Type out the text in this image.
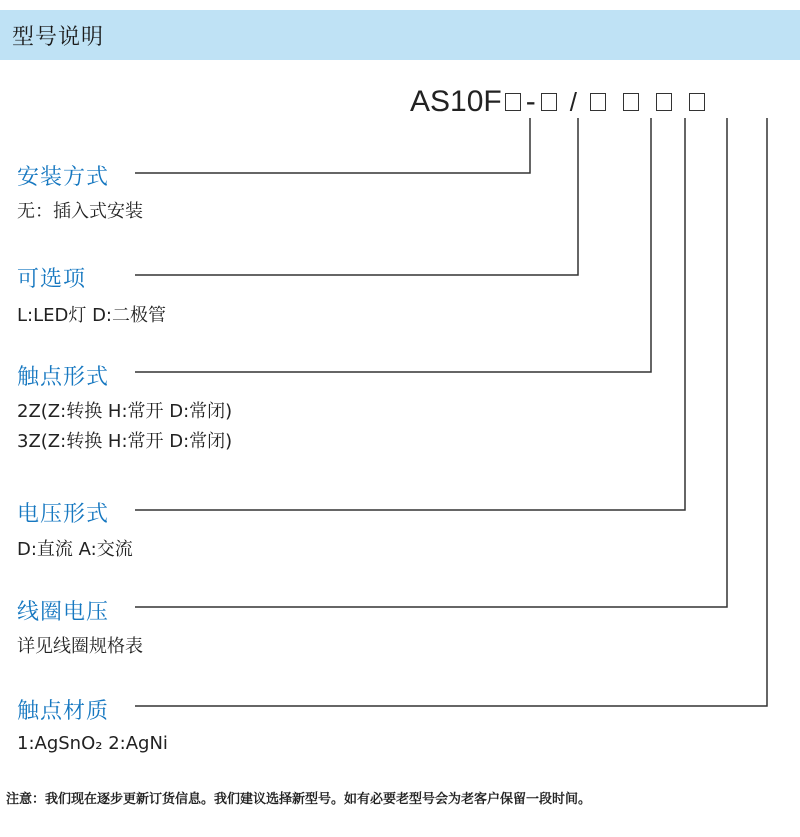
型号说明
AS10F - /
安装方式
无：插入式安装
可选项
L:LED灯 D:二极管
触点形式
2Z(Z:转换 H:常开 D:常闭)
3Z(Z:转换 H:常开 D:常闭)
电压形式
D:直流 A:交流
线圈电压
详见线圈规格表
触点材质
1:AgSnO₂ 2:AgNi
注意：我们现在逐步更新订货信息。我们建议选择新型号。如有必要老型号会为老客户保留一段时间。
